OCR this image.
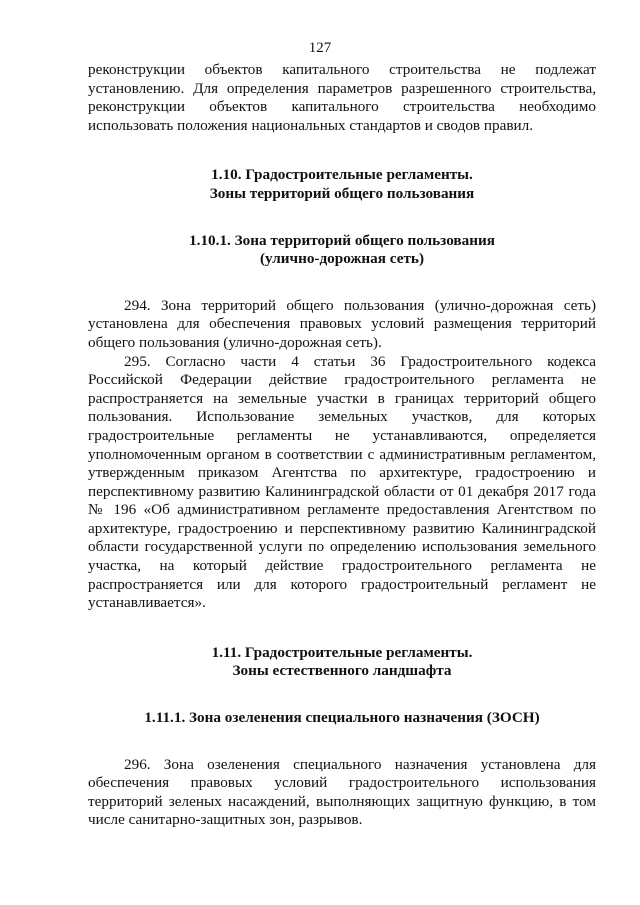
127

реконструкции объектов капитального строительства не подлежат установлению. Для определения параметров разрешенного строительства, реконструкции объектов капитального строительства необходимо использовать положения национальных стандартов и сводов правил.

1.10. Градостроительные регламенты.

Зоны территорий общего пользования

1.10.1. Зона территорий общего пользования

(улично-дорожная сеть)

294. Зона территорий общего пользования (улично-дорожная сеть) установлена для обеспечения правовых условий размещения территорий общего пользования (улично-дорожная сеть).

295. Согласно части 4 статьи 36 Градостроительного кодекса Российской Федерации действие градостроительного регламента не распространяется на земельные участки в границах территорий общего пользования. Использование земельных участков, для которых градостроительные регламенты не устанавливаются, определяется уполномоченным органом в соответствии с административным регламентом, утвержденным приказом Агентства по архитектуре, градостроению и перспективному развитию Калининградской области от 01 декабря 2017 года № 196 «Об административном регламенте предоставления Агентством по архитектуре, градостроению и перспективному развитию Калининградской области государственной услуги по определению использования земельного участка, на который действие градостроительного регламента не распространяется или для которого градостроительный регламент не устанавливается».

1.11. Градостроительные регламенты.

Зоны естественного ландшафта

1.11.1. Зона озеленения специального назначения (ЗОСН)

296. Зона озеленения специального назначения установлена для обеспечения правовых условий градостроительного использования территорий зеленых насаждений, выполняющих защитную функцию, в том числе санитарно-защитных зон, разрывов.
